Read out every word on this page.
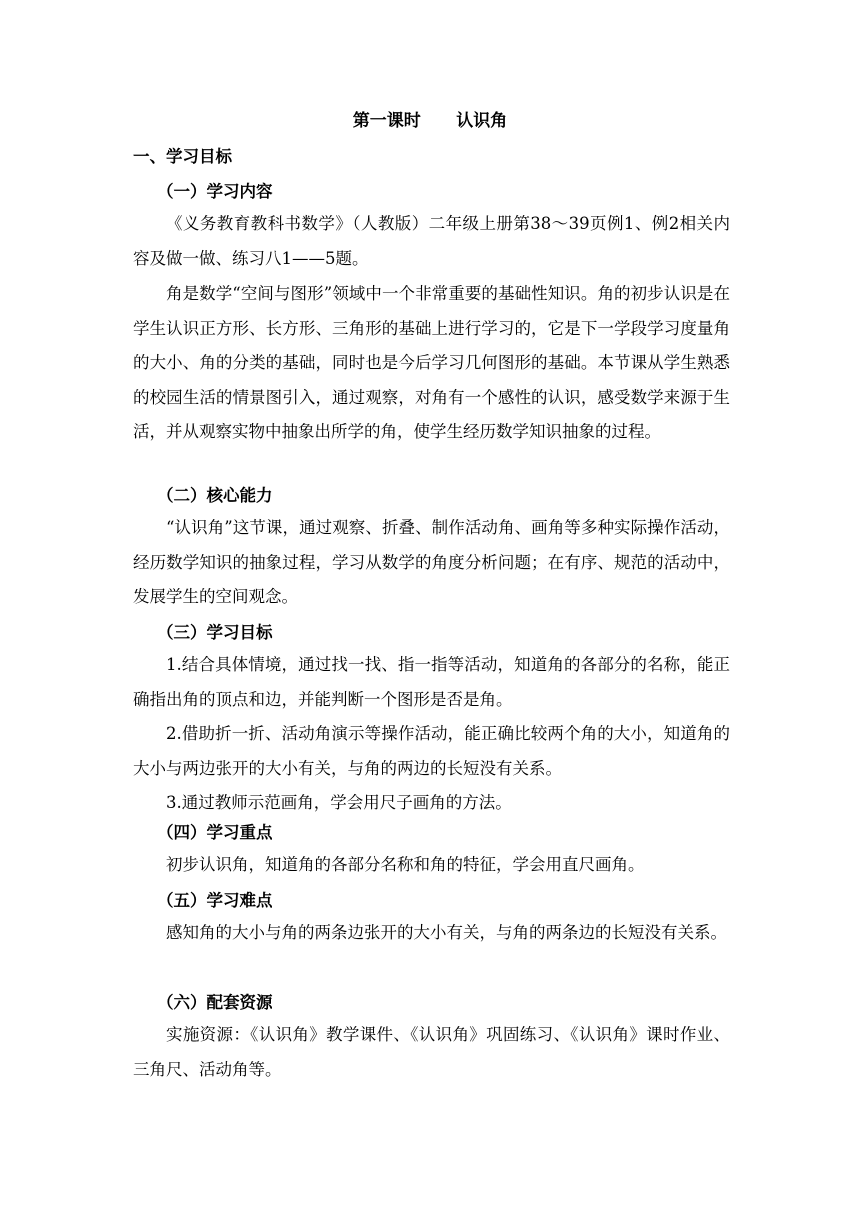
第一课时      认识角
一、学习目标
（一）学习内容

《义务教育教科书数学》（人教版）二年级上册第38～39页例1、例2相关内容及做一做、练习八1——5题。

角是数学“空间与图形”领域中一个非常重要的基础性知识。角的初步认识是在学生认识正方形、长方形、三角形的基础上进行学习的，它是下一学段学习度量角的大小、角的分类的基础，同时也是今后学习几何图形的基础。本节课从学生熟悉的校园生活的情景图引入，通过观察，对角有一个感性的认识，感受数学来源于生活，并从观察实物中抽象出所学的角，使学生经历数学知识抽象的过程。

（二）核心能力

“认识角”这节课，通过观察、折叠、制作活动角、画角等多种实际操作活动，经历数学知识的抽象过程，学习从数学的角度分析问题；在有序、规范的活动中，发展学生的空间观念。

（三）学习目标

1.结合具体情境，通过找一找、指一指等活动，知道角的各部分的名称，能正确指出角的顶点和边，并能判断一个图形是否是角。

2.借助折一折、活动角演示等操作活动，能正确比较两个角的大小，知道角的大小与两边张开的大小有关，与角的两边的长短没有关系。

3.通过教师示范画角，学会用尺子画角的方法。

（四）学习重点

初步认识角，知道角的各部分名称和角的特征，学会用直尺画角。

（五）学习难点

感知角的大小与角的两条边张开的大小有关，与角的两条边的长短没有关系。

（六）配套资源

实施资源：《认识角》教学课件、《认识角》巩固练习、《认识角》课时作业、三角尺、活动角等。
